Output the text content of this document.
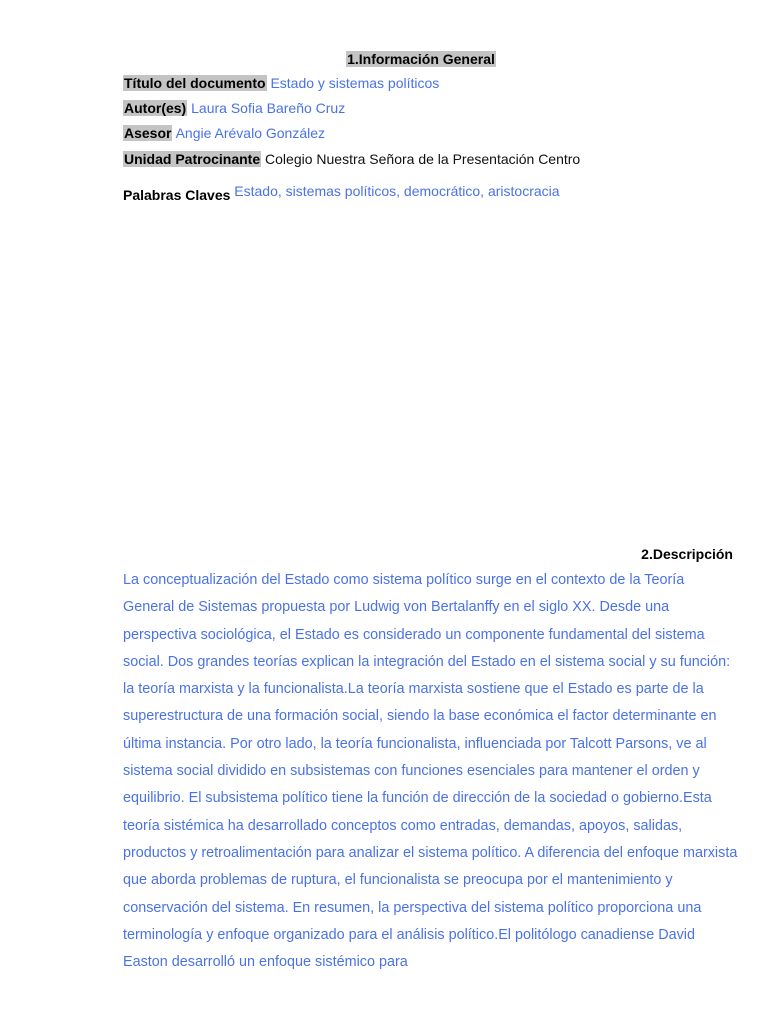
1.Información General
Título del documento Estado y sistemas políticos
Autor(es) Laura Sofia Bareño Cruz
Asesor Angie Arévalo González
Unidad Patrocinante Colegio Nuestra Señora de la Presentación Centro
Palabras Claves Estado, sistemas políticos, democrático, aristocracia
2.Descripción

La conceptualización del Estado como sistema político surge en el contexto de la Teoría General de Sistemas propuesta por Ludwig von Bertalanffy en el siglo XX. Desde una perspectiva sociológica, el Estado es considerado un componente fundamental del sistema social. Dos grandes teorías explican la integración del Estado en el sistema social y su función: la teoría marxista y la funcionalista.La teoría marxista sostiene que el Estado es parte de la superestructura de una formación social, siendo la base económica el factor determinante en última instancia. Por otro lado, la teoría funcionalista, influenciada por Talcott Parsons, ve al sistema social dividido en subsistemas con funciones esenciales para mantener el orden y equilibrio. El subsistema político tiene la función de dirección de la sociedad o gobierno.Esta teoría sistémica ha desarrollado conceptos como entradas, demandas, apoyos, salidas, productos y retroalimentación para analizar el sistema político. A diferencia del enfoque marxista que aborda problemas de ruptura, el funcionalista se preocupa por el mantenimiento y conservación del sistema. En resumen, la perspectiva del sistema político proporciona una terminología y enfoque organizado para el análisis político.El politólogo canadiense David Easton desarrolló un enfoque sistémico para
